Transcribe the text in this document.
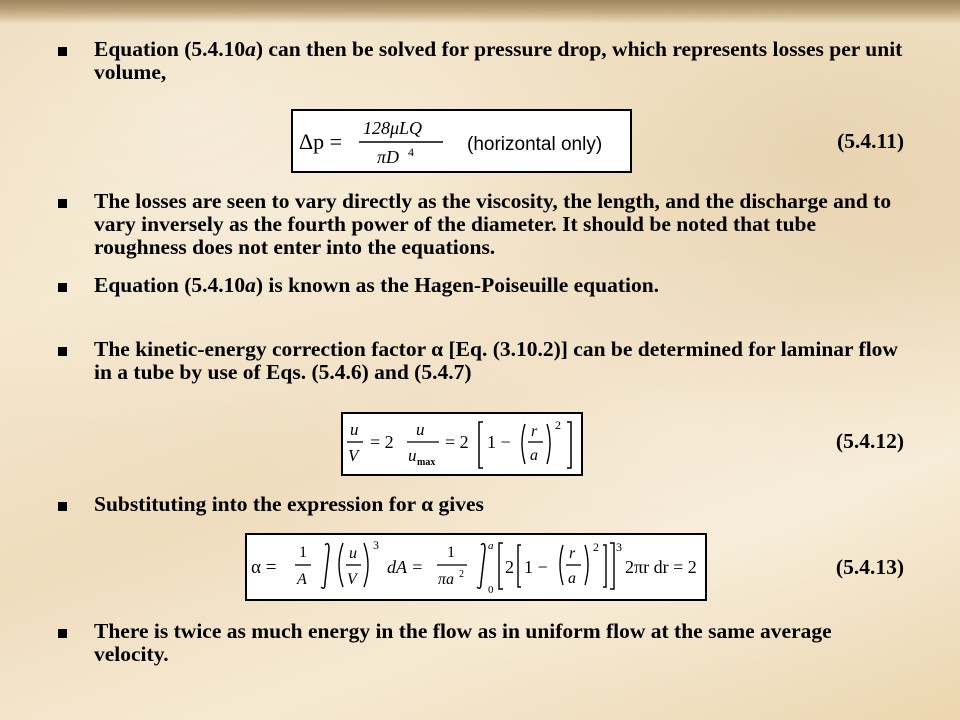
Equation (5.4.10a) can then be solved for pressure drop, which represents losses per unit volume,
Δp =
128μLQ
πD 4	(horizontal only)	(5.4.11)
The losses are seen to vary directly as the viscosity, the length, and the discharge and to vary inversely as the fourth power of the diameter. It should be noted that tube roughness does not enter into the equations.
Equation (5.4.10a) is known as the Hagen-Poiseuille equation.
The kinetic-energy correction factor α [Eq. (3.10.2)] can be determined for laminar flow in a tube by use of Eqs. (5.4.6) and (5.4.7)
u
V
= 2
u
u max
= 2 1 −
r
a
2
(5.4.12)
Substituting into the expression for α gives
α =
1
A
u
V
3
dA =
1
πa 2
a
0
2 1 −
r
a
2 3
2πr dr = 2	(5.4.13)
There is twice as much energy in the flow as in uniform flow at the same average velocity.
